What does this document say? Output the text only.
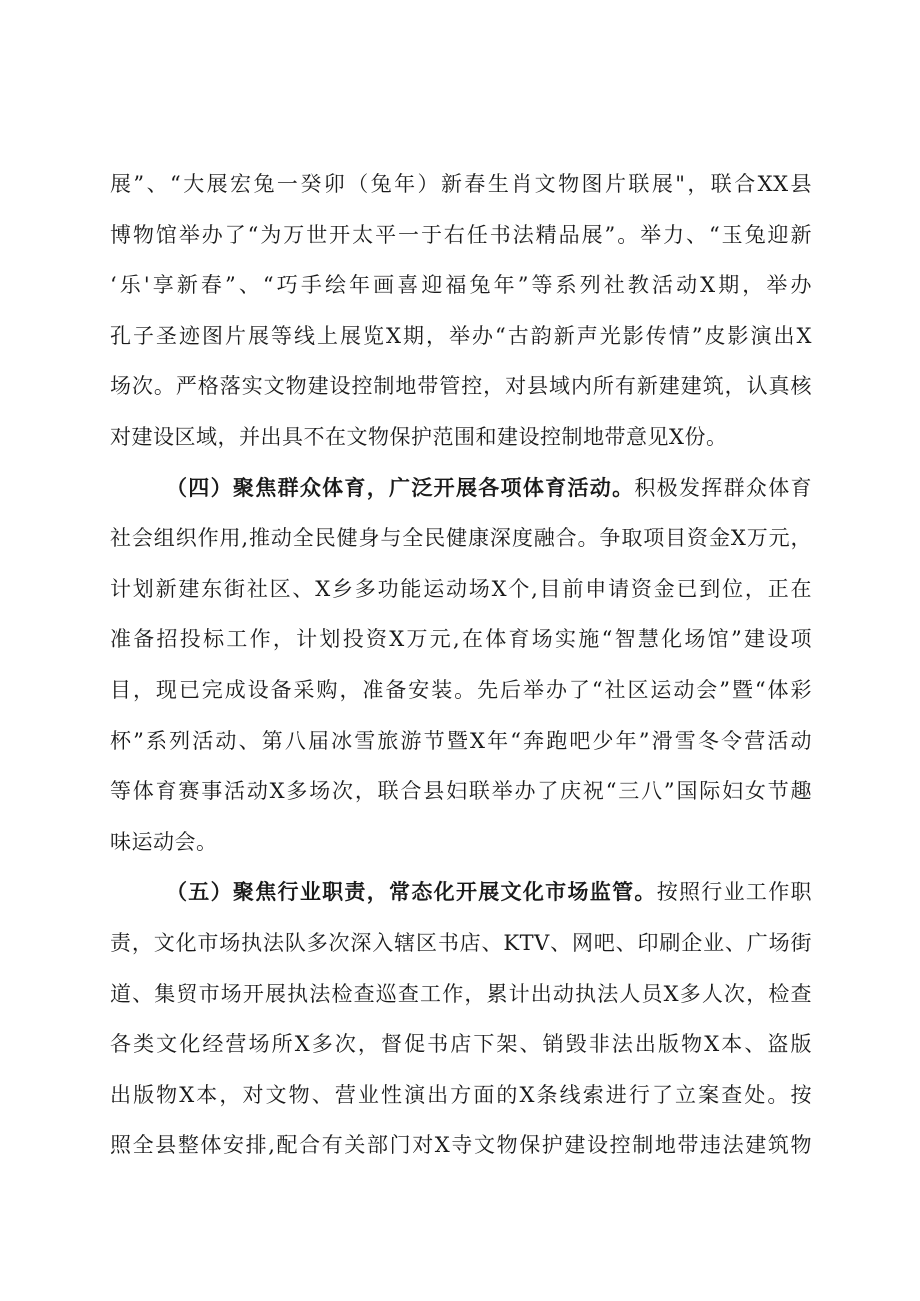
展”、“大展宏兔一癸卯（兔年）新春生肖文物图片联展"，联合XX县
博物馆举办了“为万世开太平一于右任书法精品展”。举力、“玉兔迎新
‘乐'享新春”、“巧手绘年画喜迎福兔年”等系列社教活动X期，举办
孔子圣迹图片展等线上展览X期，举办“古韵新声光影传情”皮影演出X
场次。严格落实文物建设控制地带管控，对县域内所有新建建筑，认真核
对建设区域，并出具不在文物保护范围和建设控制地带意见X份。
（四）聚焦群众体育，广泛开展各项体育活动。积极发挥群众体育
社会组织作用,推动全民健身与全民健康深度融合。争取项目资金X万元，
计划新建东街社区、X乡多功能运动场X个,目前申请资金已到位，正在
准备招投标工作，计划投资X万元,在体育场实施“智慧化场馆”建设项
目，现已完成设备采购，准备安装。先后举办了“社区运动会”暨“体彩
杯”系列活动、第八届冰雪旅游节暨X年“奔跑吧少年”滑雪冬令营活动
等体育赛事活动X多场次，联合县妇联举办了庆祝“三八”国际妇女节趣
味运动会。
（五）聚焦行业职责，常态化开展文化市场监管。按照行业工作职
责，文化市场执法队多次深入辖区书店、KTV、网吧、印刷企业、广场街
道、集贸市场开展执法检查巡查工作，累计出动执法人员X多人次，检查
各类文化经营场所X多次，督促书店下架、销毁非法出版物X本、盗版
出版物X本，对文物、营业性演出方面的X条线索进行了立案查处。按
照全县整体安排,配合有关部门对X寺文物保护建设控制地带违法建筑物
